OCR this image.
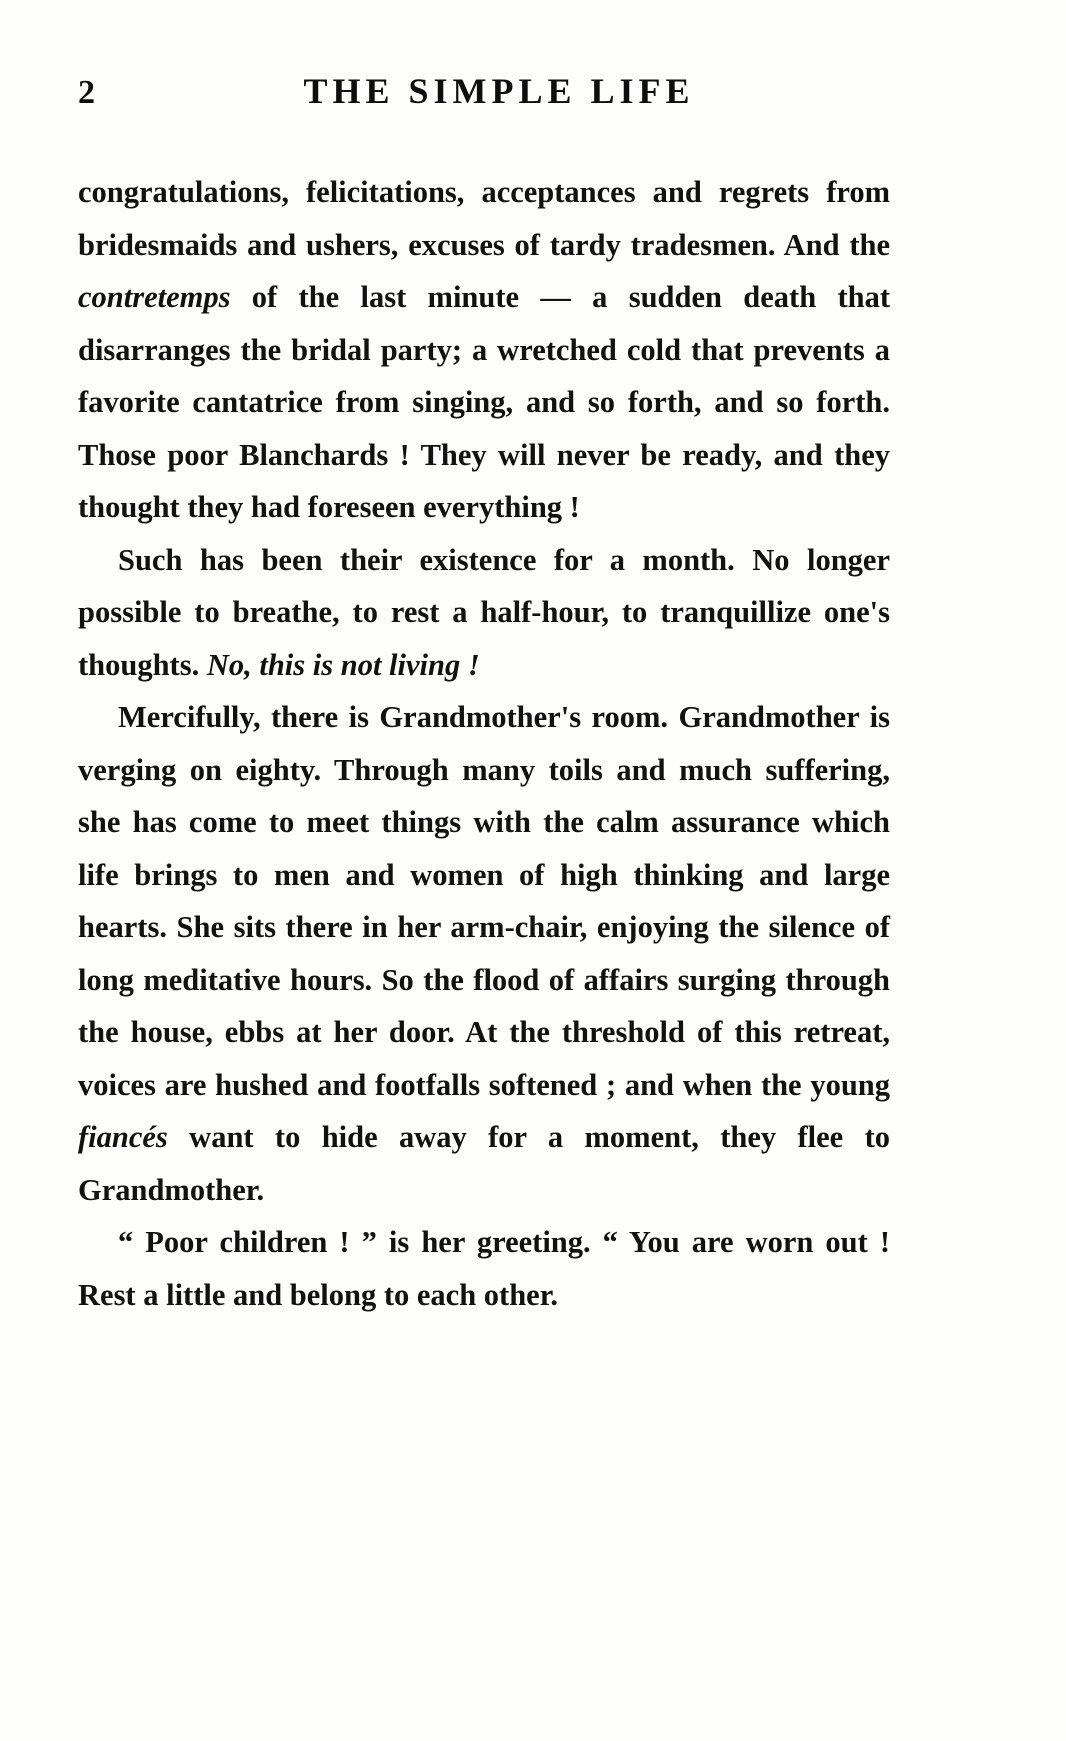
2	THE SIMPLE LIFE

congratulations, felicitations, acceptances and regrets from bridesmaids and ushers, excuses of tardy tradesmen. And the contretemps of the last minute — a sudden death that disarranges the bridal party; a wretched cold that prevents a favorite cantatrice from singing, and so forth, and so forth. Those poor Blanchards ! They will never be ready, and they thought they had foreseen everything !

Such has been their existence for a month. No longer possible to breathe, to rest a half-hour, to tranquillize one's thoughts. No, this is not living !

Mercifully, there is Grandmother's room. Grandmother is verging on eighty. Through many toils and much suffering, she has come to meet things with the calm assurance which life brings to men and women of high thinking and large hearts. She sits there in her arm-chair, enjoying the silence of long meditative hours. So the flood of affairs surging through the house, ebbs at her door. At the threshold of this retreat, voices are hushed and footfalls softened ; and when the young fiancés want to hide away for a moment, they flee to Grandmother.

“ Poor children ! ” is her greeting. “ You are worn out ! Rest a little and belong to each other.
